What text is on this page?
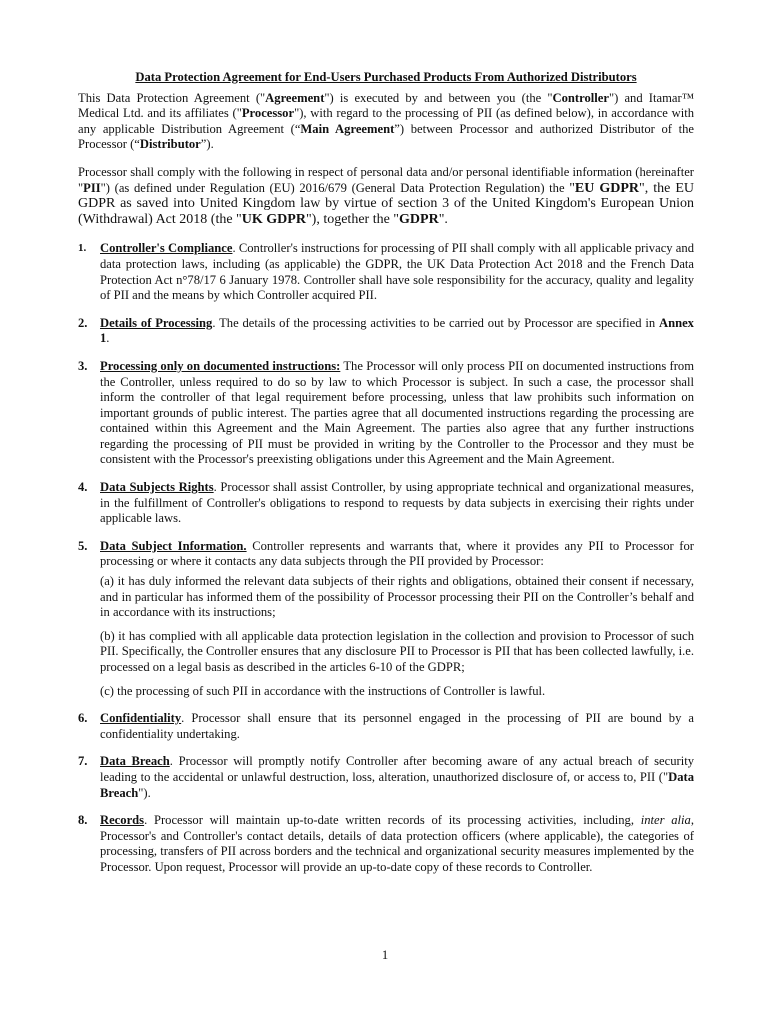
Data Protection Agreement for End-Users Purchased Products From Authorized Distributors

This Data Protection Agreement ("Agreement") is executed by and between you (the "Controller") and Itamar™ Medical Ltd. and its affiliates ("Processor"), with regard to the processing of PII (as defined below), in accordance with any applicable Distribution Agreement (“Main Agreement”) between Processor and authorized Distributor of the Processor (“Distributor”).

Processor shall comply with the following in respect of personal data and/or personal identifiable information (hereinafter "PII") (as defined under Regulation (EU) 2016/679 (General Data Protection Regulation) the "EU GDPR", the EU GDPR as saved into United Kingdom law by virtue of section 3 of the United Kingdom's European Union (Withdrawal) Act 2018 (the "UK GDPR"), together the "GDPR".

1.	Controller's Compliance. Controller's instructions for processing of PII shall comply with all applicable privacy and data protection laws, including (as applicable) the GDPR, the UK Data Protection Act 2018 and the French Data Protection Act n°78/17 6 January 1978. Controller shall have sole responsibility for the accuracy, quality and legality of PII and the means by which Controller acquired PII.
2. Details of Processing. The details of the processing activities to be carried out by Processor are specified in Annex 1.
3. Processing only on documented instructions: The Processor will only process PII on documented instructions from the Controller, unless required to do so by law to which Processor is subject. In such a case, the processor shall inform the controller of that legal requirement before processing, unless that law prohibits such information on important grounds of public interest. The parties agree that all documented instructions regarding the processing are contained within this Agreement and the Main Agreement. The parties also agree that any further instructions regarding the processing of PII must be provided in writing by the Controller to the Processor and they must be consistent with the Processor's preexisting obligations under this Agreement and the Main Agreement.
4. Data Subjects Rights. Processor shall assist Controller, by using appropriate technical and organizational measures, in the fulfillment of Controller's obligations to respond to requests by data subjects in exercising their rights under applicable laws.
5. Data Subject Information. Controller represents and warrants that, where it provides any PII to Processor for processing or where it contacts any data subjects through the PII provided by Processor:
(a) it has duly informed the relevant data subjects of their rights and obligations, obtained their consent if necessary, and in particular has informed them of the possibility of Processor processing their PII on the Controller’s behalf and in accordance with its instructions;
(b) it has complied with all applicable data protection legislation in the collection and provision to Processor of such PII. Specifically, the Controller ensures that any disclosure PII to Processor is PII that has been collected lawfully, i.e. processed on a legal basis as described in the articles 6-10 of the GDPR;
(c) the processing of such PII in accordance with the instructions of Controller is lawful.
6. Confidentiality. Processor shall ensure that its personnel engaged in the processing of PII are bound by a confidentiality undertaking.
7. Data Breach. Processor will promptly notify Controller after becoming aware of any actual breach of security leading to the accidental or unlawful destruction, loss, alteration, unauthorized disclosure of, or access to, PII ("Data Breach").
8. Records. Processor will maintain up-to-date written records of its processing activities, including, inter alia, Processor's and Controller's contact details, details of data protection officers (where applicable), the categories of processing, transfers of PII across borders and the technical and organizational security measures implemented by the Processor. Upon request, Processor will provide an up-to-date copy of these records to Controller.
1
